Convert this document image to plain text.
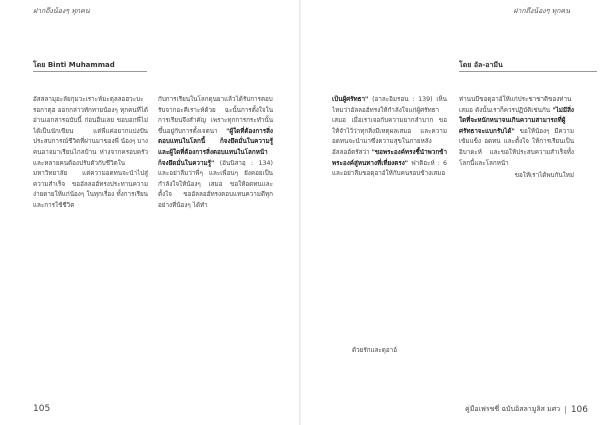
ฝากถึงน้องๆ ทุกคน
โดย Binti Muhammad
อัสสลามุอะลัยกุมวะเราะห์มะตุลลอฮวะบะรอกาตุฮ ออกกล่าวทักทายน้องๆ ทุกคนที่ได้อ่านเอกสารฉบับนี้ ก่อนอื่นเลย ขอบอกพี่ไม่ได้เป็นนักเขียน แต่พี่แค่อยากแบ่งปันประสบการณ์ชีวิตที่ผ่านมาของพี่ น้องๆ บางคนอาจมาเรียนไกลบ้าน ห่างจากครอบครัว และหลายคนต้องปรับตัวกับชีวิตในมหาวิทยาลัย แต่ความอดทนจะนำไปสู่ความสำเร็จ ขออัลลอฮ์ทรงประทานความง่ายดายให้แก่น้องๆ ในทุกเรื่อง ทั้งการเรียนและการใช้ชีวิต
กับการเรียนในโลกดุนยาแล้วได้รับการตอบรับจากอะคีเราะห์ด้วย ฉะนั้นการตั้งใจในการเรียนจึงสำคัญ เพราะทุกการกระทำนั้นขึ้นอยู่กับการตั้งเจตนา "ผู้ใดที่ต้องการสิ่งตอบแทนในโลกนี้ ก็จงยึดมั่นในความรู้ และผู้ใดที่ต้องการสิ่งตอบแทนในโลกหน้า ก็จงยึดมั่นในความรู้" (อันนิสาอฺ : 134) และอย่าลืมว่าพี่ๆ และเพื่อนๆ ยังคอยเป็นกำลังใจให้น้องๆ เสมอ ขอให้อดทนและตั้งใจ ขออัลลอฮ์ทรงตอบแทนความดีทุกอย่างที่น้องๆ ได้ทำ
105
ฝากถึงน้องๆ ทุกคน
โดย อัล-อามีน
เป็นผู้ศรัทธา" (อาละอิมรอน : 139) เห็นไหมว่าอัลลอฮ์ทรงให้กำลังใจแก่ผู้ศรัทธาเสมอ เมื่อเราเจอกับความยากลำบาก ขอให้จำไว้ว่าทุกสิ่งมีเหตุผลเสมอ และความอดทนจะนำมาซึ่งความสุขในภายหลัง อัลลอฮ์ตรัสว่า "ขอพระองค์ทรงชี้นำพวกข้าพระองค์สู่หนทางที่เที่ยงตรง" ฟาติฮะห์ : 6 และอย่าลืมขอดุอาอ์ให้กับคนรอบข้างเสมอ
ด้วยรักและดุอาอ์
ท่านนบีขอดุอาอ์ให้แก่ประชาชาติของท่านเสมอ ดังนั้นเราก็ควรปฏิบัติเช่นกัน "ไม่มีสิ่งใดที่จะหนักหนาจนเกินความสามารถที่ผู้ศรัทธาจะแบกรับได้" ขอให้น้องๆ มีความเข้มแข็ง อดทน และตั้งใจ ให้การเรียนเป็นอิบาดะห์ และขอให้ประสบความสำเร็จทั้งโลกนี้และโลกหน้า
ขอให้เราได้พบกันใหม่
คู่มือเฟรชชี่ ฉบับอิสลามูลิส มศว | 106
